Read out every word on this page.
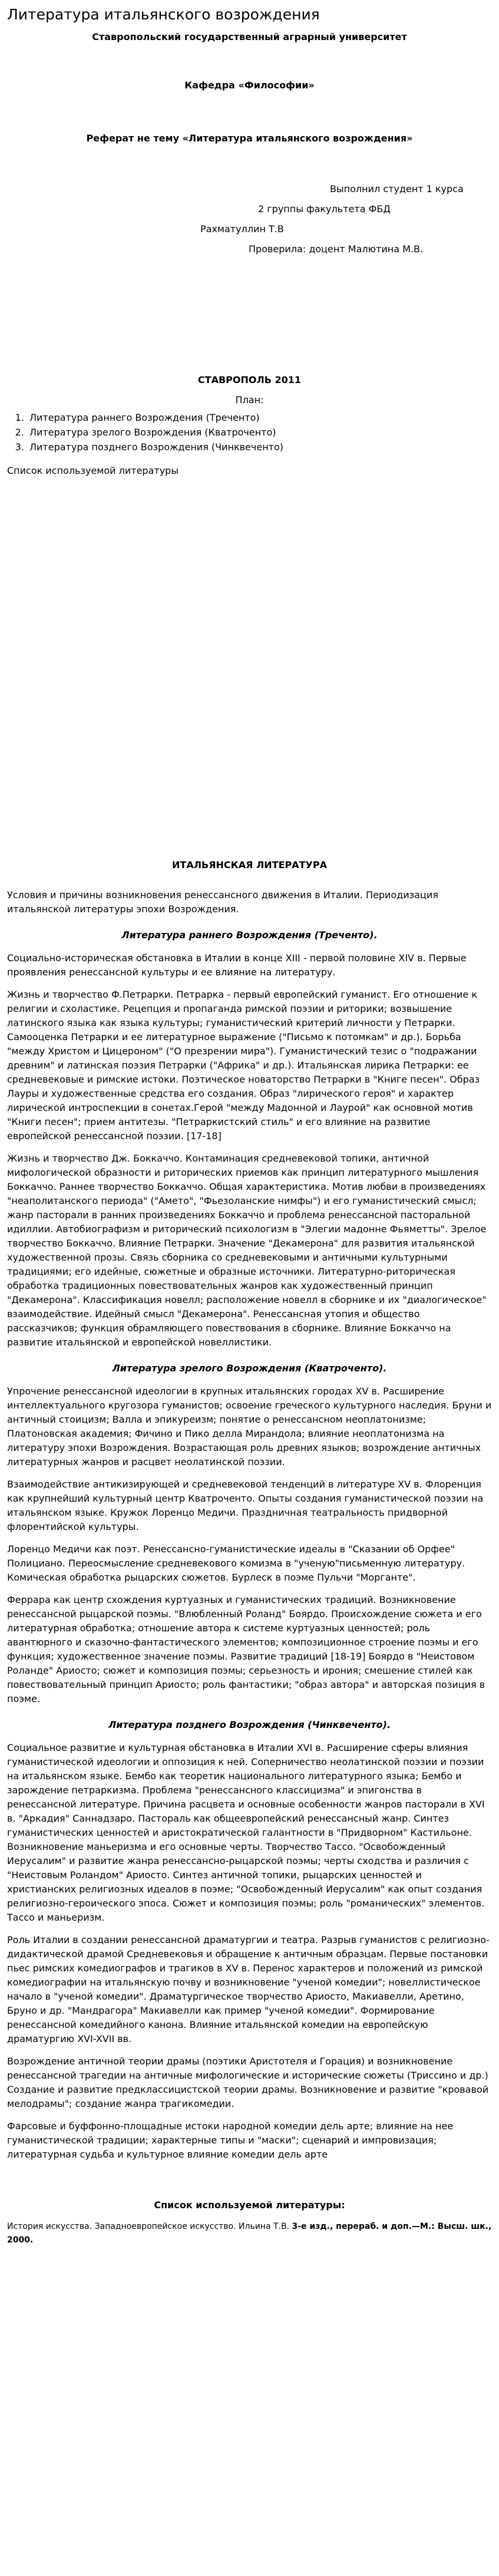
Литература итальянского возрождения
Ставропольский государственный аграрный университет
Кафедра «Философии»
Реферат не тему «Литература итальянского возрождения»
Выполнил студент 1 курса
2 группы факультета ФБД
Рахматуллин Т.В
Проверила: доцент Малютина М.В.
СТАВРОПОЛЬ 2011
План:
1. Литература раннего Возрождения (Треченто)
2. Литература зрелого Возрождения (Кватроченто)
3. Литература позднего Возрождения (Чинквеченто)
Список используемой литературы
ИТАЛЬЯНСКАЯ ЛИТЕРАТУРА

Условия и причины возникновения ренессансного движения в Италии. Периодизация итальянской литературы эпохи Возрождения.

Литература раннего Возрождения (Треченто).

Социально-историческая обстановка в Италии в конце XIII - первой половине XIV в. Первые проявления ренессансной культуры и ее влияние на литературу.

Жизнь и творчество Ф.Петрарки. Петрарка - первый европейский гуманист. Его отношение к религии и схоластике. Рецепция и пропаганда римской поэзии и риторики; возвышение латинского языка как языка культуры; гуманистический критерий личности у Петрарки. Самооценка Петрарки и ее литературное выражение ("Письмо к потомкам" и др.). Борьба "между Христом и Цицероном" ("О презрении мира"). Гуманистический тезис о "подражании древним" и латинская поэзия Петрарки ("Африка" и др.). Итальянская лирика Петрарки: ее средневековые и римские истоки. Поэтическое новаторство Петрарки в "Книге песен". Образ Лауры и художественные средства его создания. Образ "лирического героя" и характер лирической интроспекции в сонетах.Герой "между Мадонной и Лаурой" как основной мотив "Книги песен"; прием антитезы. "Петраркистский стиль" и его влияние на развитие европейской ренессансной поэзии. [17-18]

Жизнь и творчество Дж. Боккаччо. Контаминация средневековой топики, античной мифологической образности и риторических приемов как принцип литературного мышления Боккаччо. Раннее творчество Боккаччо. Общая характеристика. Мотив любви в произведениях "неаполитанского периода" ("Амето", "Фьезоланские нимфы") и его гуманистический смысл; жанр пасторали в ранних произведениях Боккаччо и проблема ренессансной пасторальной идиллии. Автобиографизм и риторический психологизм в "Элегии мадонне Фьяметты". Зрелое творчество Боккаччо. Влияние Петрарки. Значение "Декамерона" для развития итальянской художественной прозы. Связь сборника со средневековыми и античными культурными традициями; его идейные, сюжетные и образные источники. Литературно-риторическая обработка традиционных повествовательных жанров как художественный принцип "Декамерона". Классификация новелл; расположение новелл в сборнике и их "диалогическое" взаимодействие. Идейный смысл "Декамерона". Ренессансная утопия и общество рассказчиков; функция обрамляющего повествования в сборнике. Влияние Боккаччо на развитие итальянской и европейской новеллистики.

Литература зрелого Возрождения (Кватроченто).

Упрочение ренессансной идеологии в крупных итальянских городах XV в. Расширение интеллектуального кругозора гуманистов; освоение греческого культурного наследия. Бруни и античный стоицизм; Валла и эпикуреизм; понятие о ренессансном неоплатонизме; Платоновская академия; Фичино и Пико делла Мирандола; влияние неоплатонизма на литературу эпохи Возрождения. Возрастающая роль древних языков; возрождение античных литературных жанров и расцвет неолатинской поэзии.

Взаимодействие антикизирующей и средневековой тенденций в литературе XV в. Флоренция как крупнейший культурный центр Кватроченто. Опыты создания гуманистической поэзии на итальянском языке. Кружок Лоренцо Медичи. Праздничная театральность придворной флорентийской культуры.

Лоренцо Медичи как поэт. Ренессансно-гуманистические идеалы в "Сказании об Орфее" Полициано. Переосмысление средневекового комизма в "ученую"письменную литературу. Комическая обработка рыцарских сюжетов. Бурлеск в поэме Пульчи "Морганте".

Феррара как центр схождения куртуазных и гуманистических традиций. Возникновение ренессансной рыцарской поэмы. "Влюбленный Роланд" Боярдо. Происхождение сюжета и его литературная обработка; отношение автора к системе куртуазных ценностей; роль авантюрного и сказочно-фантастического элементов; композиционное строение поэмы и его функция; художественное значение поэмы. Развитие традиций [18-19] Боярдо в "Неистовом Роланде" Ариосто; сюжет и композиция поэмы; серьезность и ирония; смешение стилей как повествовательный принцип Ариосто; роль фантастики; "образ автора" и авторская позиция в поэме.

Литература позднего Возрождения (Чинквеченто).

Социальное развитие и культурная обстановка в Италии XVI в. Расширение сферы влияния гуманистической идеологии и оппозиция к ней. Соперничество неолатинской поэзии и поэзии на итальянском языке. Бембо как теоретик национального литературного языка; Бембо и зарождение петраркизма. Проблема "ренессансного классицизма" и эпигонства в ренессансной литературе. Причина расцвета и основные особенности жанров пасторали в XVI в. "Аркадия" Саннадзаро. Пастораль как общеевропейский ренессансный жанр. Синтез гуманистических ценностей и аристократической галантности в "Придворном" Кастильоне. Возникновение маньеризма и его основные черты. Творчество Тассо. "Освобожденный Иерусалим" и развитие жанра ренессансно-рыцарской поэмы; черты сходства и различия с "Неистовым Роландом" Ариосто. Синтез античной топики, рыцарских ценностей и христианских религиозных идеалов в поэме; "Освобожденный Иерусалим" как опыт создания религиозно-героического эпоса. Сюжет и композиция поэмы; роль "романических" элементов. Тассо и маньеризм.

Роль Италии в создании ренессансной драматургии и театра. Разрыв гуманистов с религиозно-дидактической драмой Средневековья и обращение к античным образцам. Первые постановки пьес римских комедиографов и трагиков в XV в. Перенос характеров и положений из римской комедиографии на итальянскую почву и возникновение "ученой комедии"; новеллистическое начало в "ученой комедии". Драматургическое творчество Ариосто, Макиавелли, Аретино, Бруно и др. "Мандрагора" Макиавелли как пример "ученой комедии". Формирование ренессансной комедийного канона. Влияние итальянской комедии на европейскую драматургию XVI-XVII вв.

Возрождение античной теории драмы (поэтики Аристотеля и Горация) и возникновение ренессансной трагедии на античные мифологические и исторические сюжеты (Триссино и др.) Создание и развитие предклассицистской теории драмы. Возникновение и развитие "кровавой мелодрамы"; создание жанра трагикомедии.

Фарсовые и буффонно-площадные истоки народной комедии дель арте; влияние на нее гуманистической традиции; характерные типы и "маски"; сценарий и импровизация; литературная судьба и культурное влияние комедии дель арте

Список используемой литературы:

История искусства. Западноевропейское искусство. Ильина Т.В. 3-е изд., перераб. и доп.—М.: Высш. шк., 2000.
